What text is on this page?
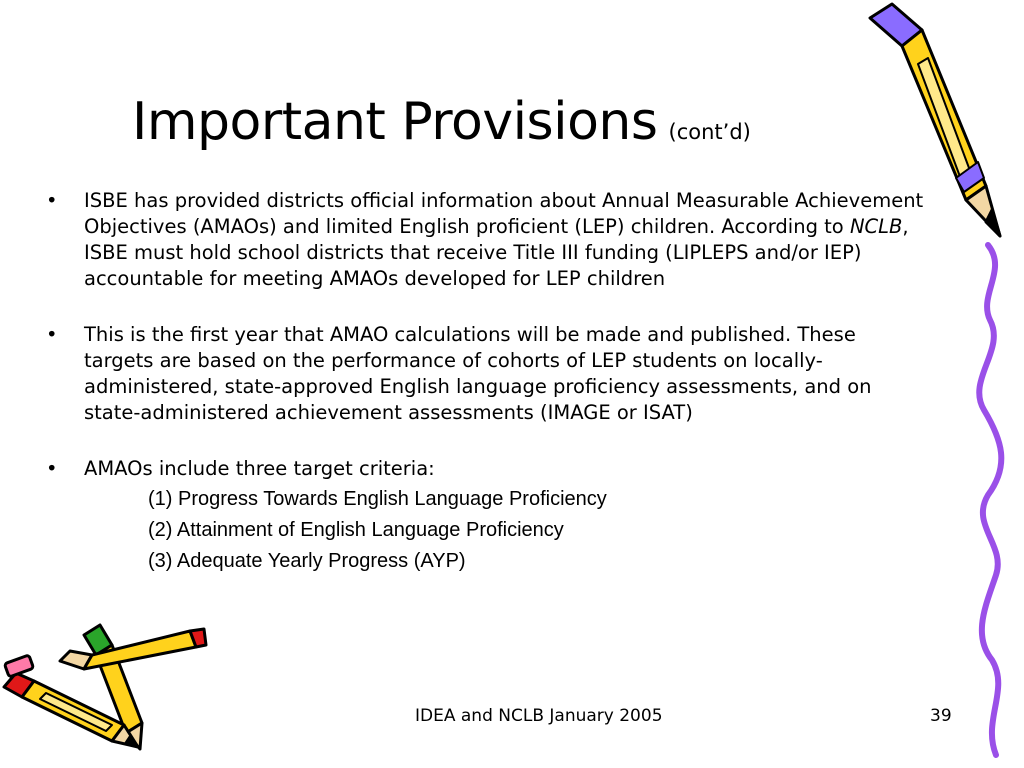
Important Provisions (cont’d)
• ISBE has provided districts official information about Annual Measurable Achievement Objectives (AMAOs) and limited English proficient (LEP) children. According to NCLB, ISBE must hold school districts that receive Title III funding (LIPLEPS and/or IEP) accountable for meeting AMAOs developed for LEP children
• This is the first year that AMAO calculations will be made and published. These targets are based on the performance of cohorts of LEP students on locally-administered, state-approved English language proficiency assessments, and on state-administered achievement assessments (IMAGE or ISAT)
• AMAOs include three target criteria:
(1) Progress Towards English Language Proficiency
(2) Attainment of English Language Proficiency
(3) Adequate Yearly Progress (AYP)
IDEA and NCLB January 2005	39
